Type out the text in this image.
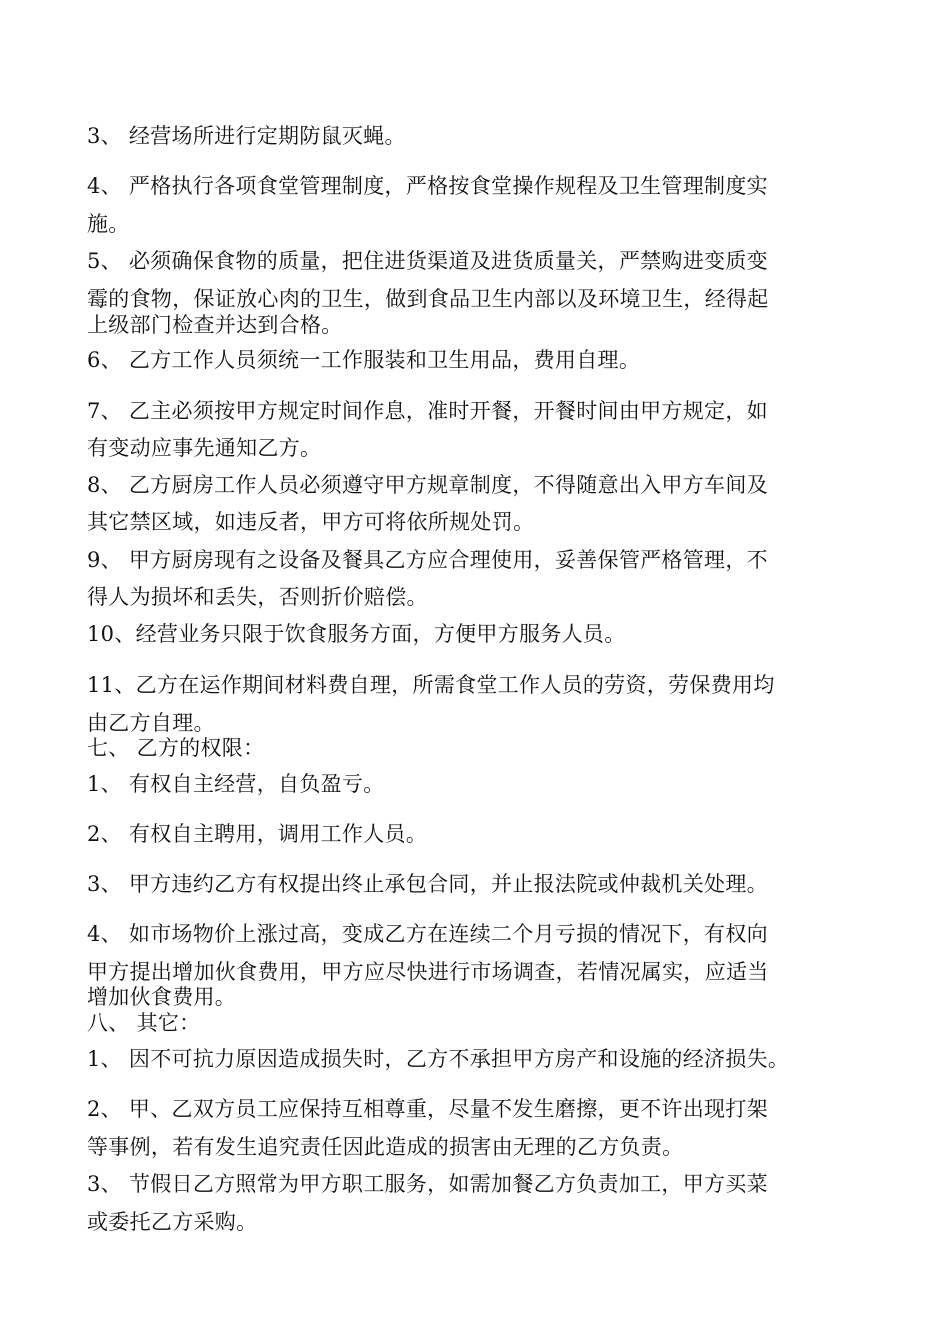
3、 经营场所进行定期防鼠灭蝇。
4、 严格执行各项食堂管理制度，严格按食堂操作规程及卫生管理制度实
施。
5、 必须确保食物的质量，把住进货渠道及进货质量关，严禁购进变质变
霉的食物，保证放心肉的卫生，做到食品卫生内部以及环境卫生，经得起
上级部门检查并达到合格。
6、 乙方工作人员须统一工作服装和卫生用品，费用自理。
7、 乙主必须按甲方规定时间作息，准时开餐，开餐时间由甲方规定，如
有变动应事先通知乙方。
8、 乙方厨房工作人员必须遵守甲方规章制度，不得随意出入甲方车间及
其它禁区域，如违反者，甲方可将依所规处罚。
9、 甲方厨房现有之设备及餐具乙方应合理使用，妥善保管严格管理，不
得人为损坏和丢失，否则折价赔偿。
10、经营业务只限于饮食服务方面，方便甲方服务人员。
11、乙方在运作期间材料费自理，所需食堂工作人员的劳资，劳保费用均
由乙方自理。
七、 乙方的权限：
1、 有权自主经营，自负盈亏。
2、 有权自主聘用，调用工作人员。
3、 甲方违约乙方有权提出终止承包合同，并止报法院或仲裁机关处理。
4、 如市场物价上涨过高，变成乙方在连续二个月亏损的情况下，有权向
甲方提出增加伙食费用，甲方应尽快进行市场调查，若情况属实，应适当
增加伙食费用。
八、 其它：
1、 因不可抗力原因造成损失时，乙方不承担甲方房产和设施的经济损失。
2、 甲、乙双方员工应保持互相尊重，尽量不发生磨擦，更不许出现打架
等事例，若有发生追究责任因此造成的损害由无理的乙方负责。
3、 节假日乙方照常为甲方职工服务，如需加餐乙方负责加工，甲方买菜
或委托乙方采购。
